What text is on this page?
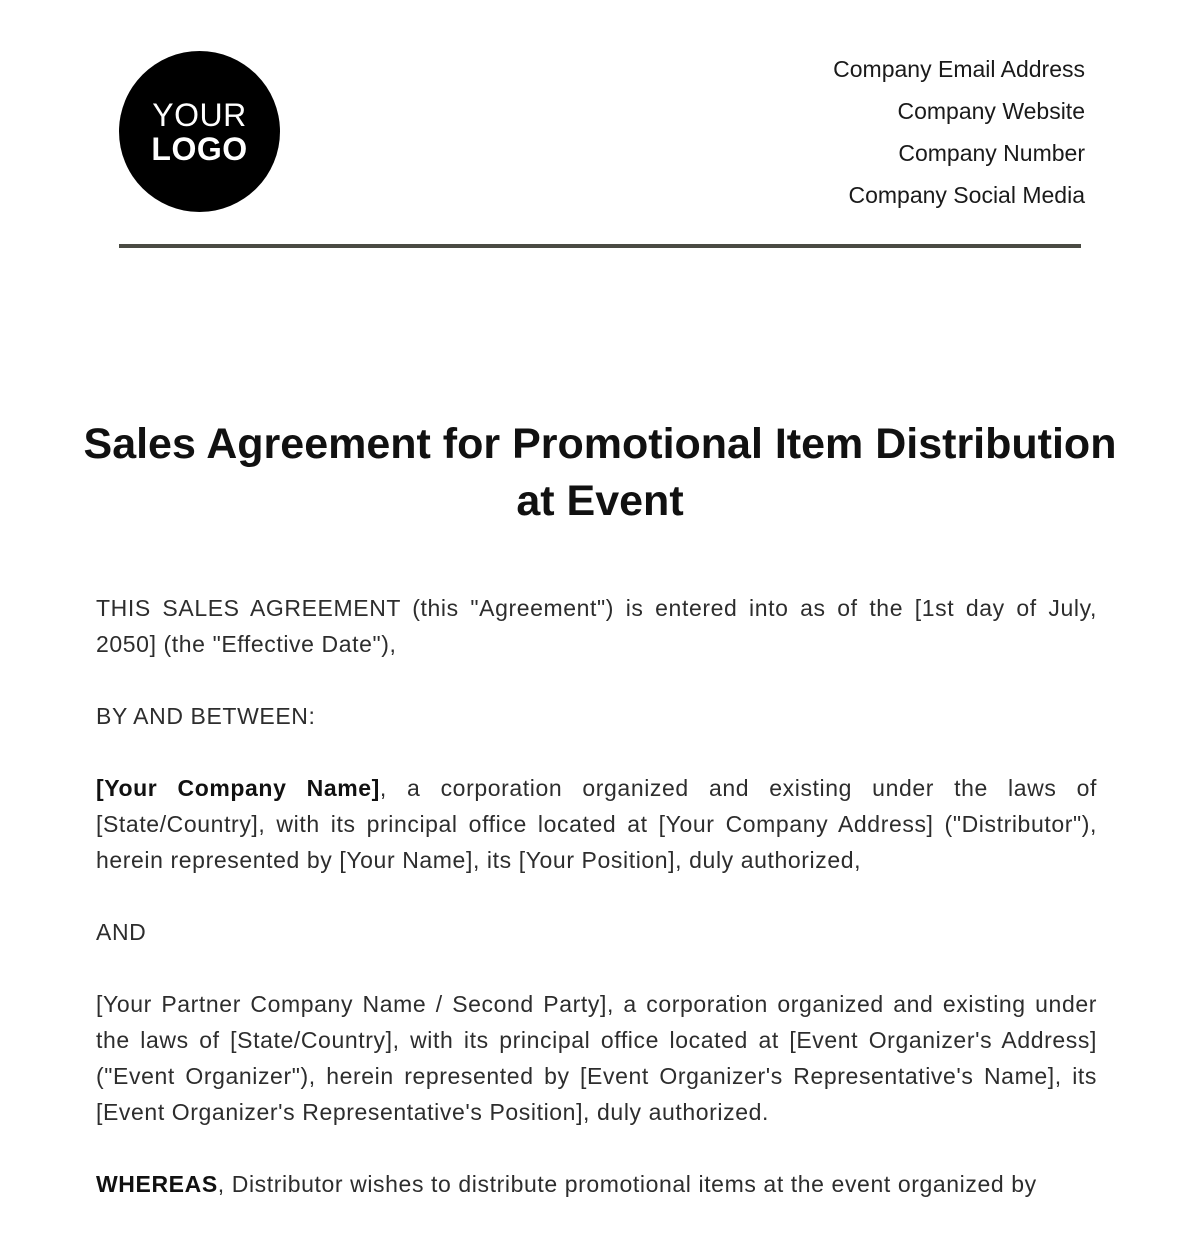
YOUR
LOGO
Company Email Address
Company Website
Company Number
Company Social Media
Sales Agreement for Promotional Item Distribution at Event

THIS SALES AGREEMENT (this "Agreement") is entered into as of the [1st day of July, 2050] (the "Effective Date"),

BY AND BETWEEN:

[Your Company Name], a corporation organized and existing under the laws of [State/Country], with its principal office located at [Your Company Address] ("Distributor"), herein represented by [Your Name], its [Your Position], duly authorized,

AND

[Your Partner Company Name / Second Party], a corporation organized and existing under the laws of [State/Country], with its principal office located at [Event Organizer's Address] ("Event Organizer"), herein represented by [Event Organizer's Representative's Name], its [Event Organizer's Representative's Position], duly authorized.

WHEREAS, Distributor wishes to distribute promotional items at the event organized by
